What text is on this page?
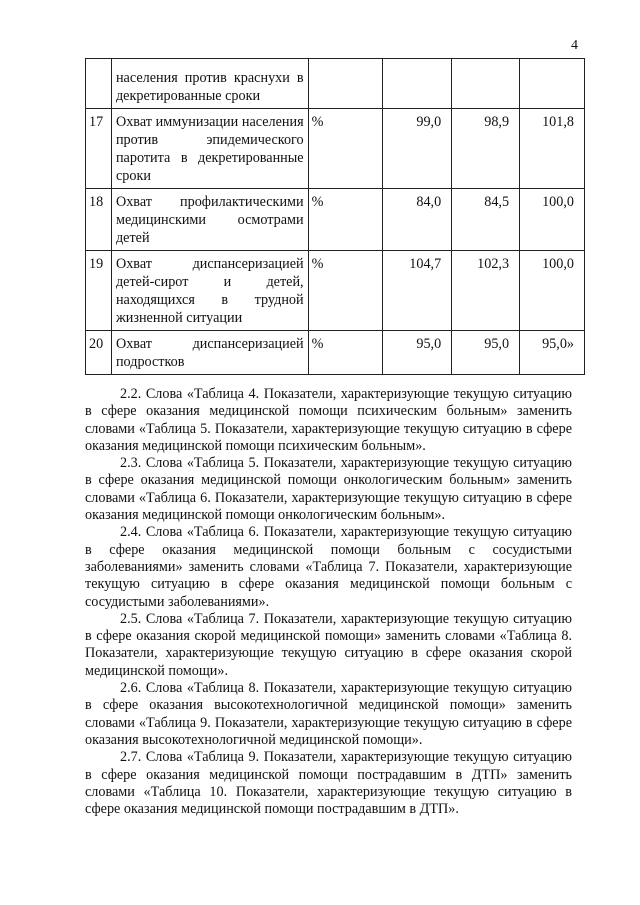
4
	населения против краснухи в декретированные сроки				
17	Охват иммунизации населения против эпидемического паротита в декретированные сроки	%	99,0	98,9	101,8
18	Охват профилактическими медицинскими осмотрами детей	%	84,0	84,5	100,0
19	Охват диспансеризацией детей-сирот и детей, находящихся в трудной жизненной ситуации	%	104,7	102,3	100,0
20	Охват диспансеризацией подростков	%	95,0	95,0	95,0»

2.2. Слова «Таблица 4. Показатели, характеризующие текущую ситуацию в сфере оказания медицинской помощи психическим больным» заменить словами «Таблица 5. Показатели, характеризующие текущую ситуацию в сфере оказания медицинской помощи психическим больным».

2.3. Слова «Таблица 5. Показатели, характеризующие текущую ситуацию в сфере оказания медицинской помощи онкологическим больным» заменить словами «Таблица 6. Показатели, характеризующие текущую ситуацию в сфере оказания медицинской помощи онкологическим больным».

2.4. Слова «Таблица 6. Показатели, характеризующие текущую ситуацию в сфере оказания медицинской помощи больным с сосудистыми заболеваниями» заменить словами «Таблица 7. Показатели, характеризующие текущую ситуацию в сфере оказания медицинской помощи больным с сосудистыми заболеваниями».

2.5. Слова «Таблица 7. Показатели, характеризующие текущую ситуацию в сфере оказания скорой медицинской помощи» заменить словами «Таблица 8. Показатели, характеризующие текущую ситуацию в сфере оказания скорой медицинской помощи».

2.6. Слова «Таблица 8. Показатели, характеризующие текущую ситуацию в сфере оказания высокотехнологичной медицинской помощи» заменить словами «Таблица 9. Показатели, характеризующие текущую ситуацию в сфере оказания высокотехнологичной медицинской помощи».

2.7. Слова «Таблица 9. Показатели, характеризующие текущую ситуацию в сфере оказания медицинской помощи пострадавшим в ДТП» заменить словами «Таблица 10. Показатели, характеризующие текущую ситуацию в сфере оказания медицинской помощи пострадавшим в ДТП».
